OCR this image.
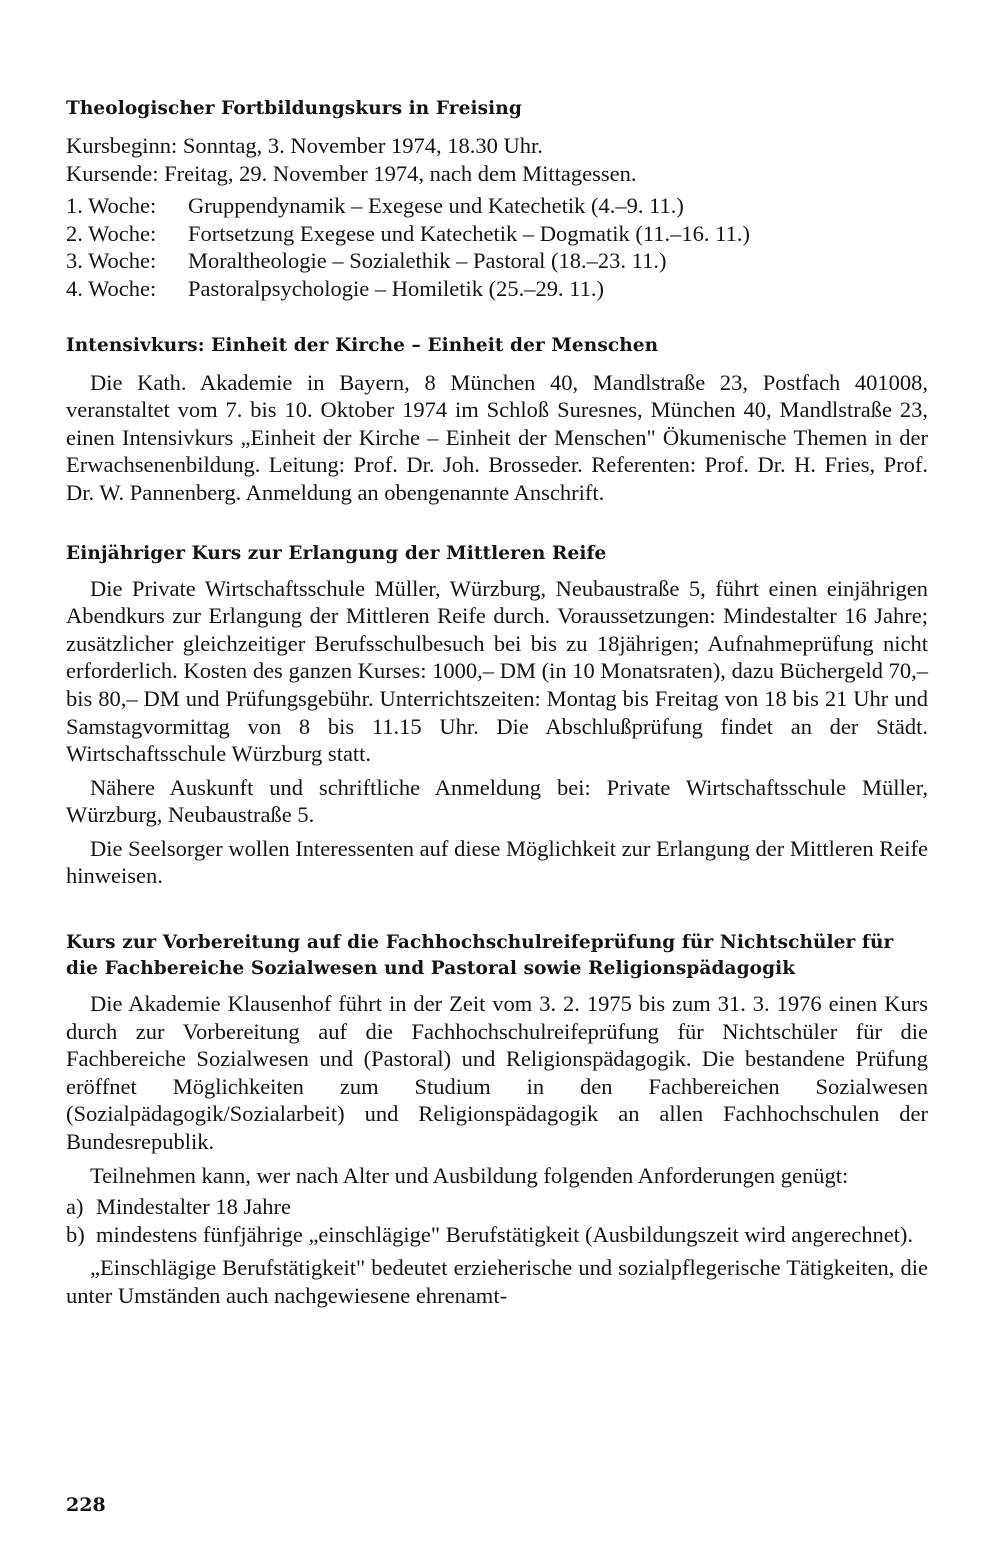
Theologischer Fortbildungskurs in Freising

Kursbeginn: Sonntag, 3. November 1974, 18.30 Uhr.

Kursende: Freitag, 29. November 1974, nach dem Mittagessen.

1. Woche:	Gruppendynamik – Exegese und Katechetik (4.–9. 11.)
2. Woche:	Fortsetzung Exegese und Katechetik – Dogmatik (11.–16. 11.)
3. Woche:	Moraltheologie – Sozialethik – Pastoral (18.–23. 11.)
4. Woche:	Pastoralpsychologie – Homiletik (25.–29. 11.)
Intensivkurs: Einheit der Kirche – Einheit der Menschen

Die Kath. Akademie in Bayern, 8 München 40, Mandlstraße 23, Postfach 401008, veranstaltet vom 7. bis 10. Oktober 1974 im Schloß Suresnes, München 40, Mandlstraße 23, einen Intensivkurs „Einheit der Kirche – Einheit der Menschen" Ökumenische Themen in der Erwachsenenbildung. Leitung: Prof. Dr. Joh. Brosseder. Referenten: Prof. Dr. H. Fries, Prof. Dr. W. Pannenberg. Anmeldung an obengenannte Anschrift.

Einjähriger Kurs zur Erlangung der Mittleren Reife

Die Private Wirtschaftsschule Müller, Würzburg, Neubaustraße 5, führt einen einjährigen Abendkurs zur Erlangung der Mittleren Reife durch. Voraussetzungen: Mindestalter 16 Jahre; zusätzlicher gleichzeitiger Berufsschulbesuch bei bis zu 18jährigen; Aufnahmeprüfung nicht erforderlich. Kosten des ganzen Kurses: 1000,– DM (in 10 Monatsraten), dazu Büchergeld 70,– bis 80,– DM und Prüfungsgebühr. Unterrichtszeiten: Montag bis Freitag von 18 bis 21 Uhr und Samstagvormittag von 8 bis 11.15 Uhr. Die Abschlußprüfung findet an der Städt. Wirtschaftsschule Würzburg statt.

Nähere Auskunft und schriftliche Anmeldung bei: Private Wirtschaftsschule Müller, Würzburg, Neubaustraße 5.

Die Seelsorger wollen Interessenten auf diese Möglichkeit zur Erlangung der Mittleren Reife hinweisen.

Kurs zur Vorbereitung auf die Fachhochschulreifeprüfung für Nichtschüler für die Fachbereiche Sozialwesen und Pastoral sowie Religionspädagogik

Die Akademie Klausenhof führt in der Zeit vom 3. 2. 1975 bis zum 31. 3. 1976 einen Kurs durch zur Vorbereitung auf die Fachhochschulreifeprüfung für Nichtschüler für die Fachbereiche Sozialwesen und (Pastoral) und Religionspädagogik. Die bestandene Prüfung eröffnet Möglichkeiten zum Studium in den Fachbereichen Sozialwesen (Sozialpädagogik/Sozialarbeit) und Religionspädagogik an allen Fachhochschulen der Bundesrepublik.

Teilnehmen kann, wer nach Alter und Ausbildung folgenden Anforderungen genügt:

a) Mindestalter 18 Jahre
b) mindestens fünfjährige „einschlägige" Berufstätigkeit (Ausbildungszeit wird angerechnet).

„Einschlägige Berufstätigkeit" bedeutet erzieherische und sozialpflegerische Tätigkeiten, die unter Umständen auch nachgewiesene ehrenamt-

228
